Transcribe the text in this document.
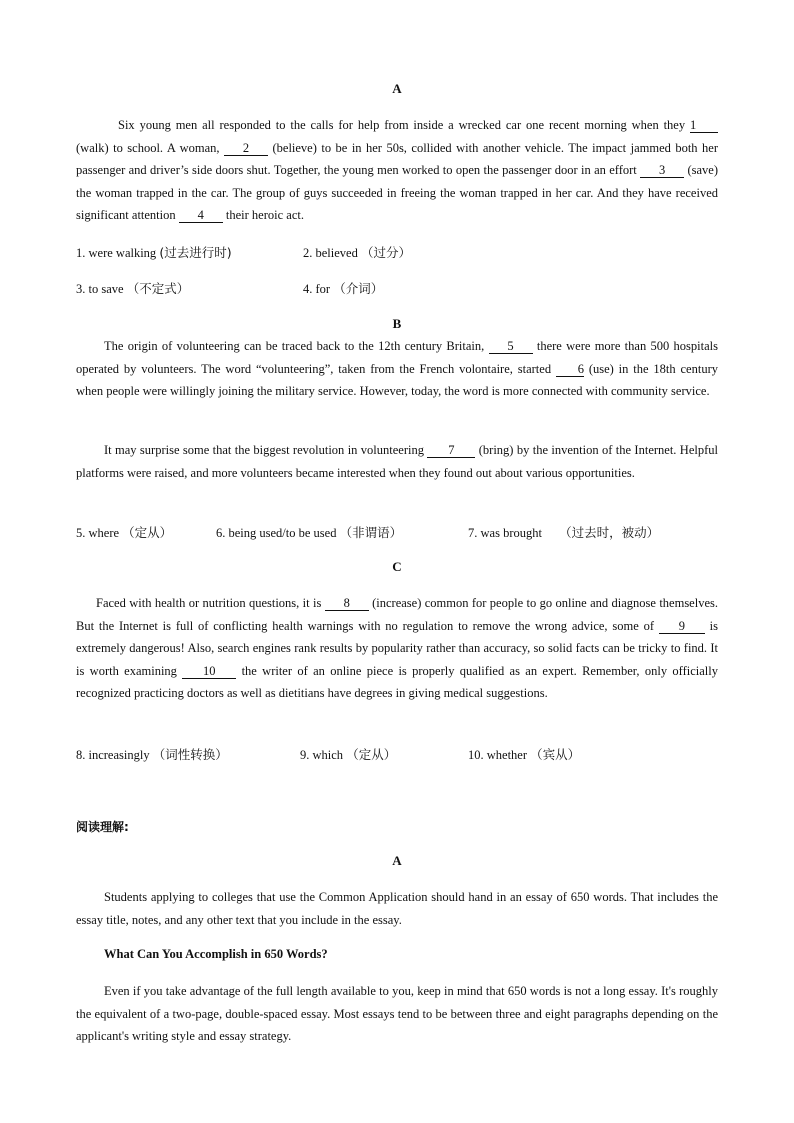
A
Six young men all responded to the calls for help from inside a wrecked car one recent morning when they 1 (walk) to school. A woman, 2 (believe) to be in her 50s, collided with another vehicle. The impact jammed both her passenger and driver’s side doors shut. Together, the young men worked to open the passenger door in an effort 3 (save) the woman trapped in the car. The group of guys succeeded in freeing the woman trapped in her car. And they have received significant attention 4 their heroic act.
1. were walking (过去进行时)	2. believed （过分）
3. to save （不定式）	4. for （介词）
B
The origin of volunteering can be traced back to the 12th century Britain, 5 there were more than 500 hospitals operated by volunteers. The word “volunteering”, taken from the French volontaire, started 6 (use) in the 18th century when people were willingly joining the military service. However, today, the word is more connected with community service.
It may surprise some that the biggest revolution in volunteering 7 (bring) by the invention of the Internet. Helpful platforms were raised, and more volunteers became interested when they found out about various opportunities.
5. where （定从）	6. being used/to be used （非谓语）	7. was brought （过去时，被动）
C
Faced with health or nutrition questions, it is 8 (increase) common for people to go online and diagnose themselves. But the Internet is full of conflicting health warnings with no regulation to remove the wrong advice, some of 9 is extremely dangerous! Also, search engines rank results by popularity rather than accuracy, so solid facts can be tricky to find. It is worth examining 10 the writer of an online piece is properly qualified as an expert. Remember, only officially recognized practicing doctors as well as dietitians have degrees in giving medical suggestions.
8. increasingly （词性转换）	9. which （定从）	10. whether （宾从）
阅读理解:
A
Students applying to colleges that use the Common Application should hand in an essay of 650 words. That includes the essay title, notes, and any other text that you include in the essay.
What Can You Accomplish in 650 Words?
Even if you take advantage of the full length available to you, keep in mind that 650 words is not a long essay. It's roughly the equivalent of a two-page, double-spaced essay. Most essays tend to be between three and eight paragraphs depending on the applicant's writing style and essay strategy.
